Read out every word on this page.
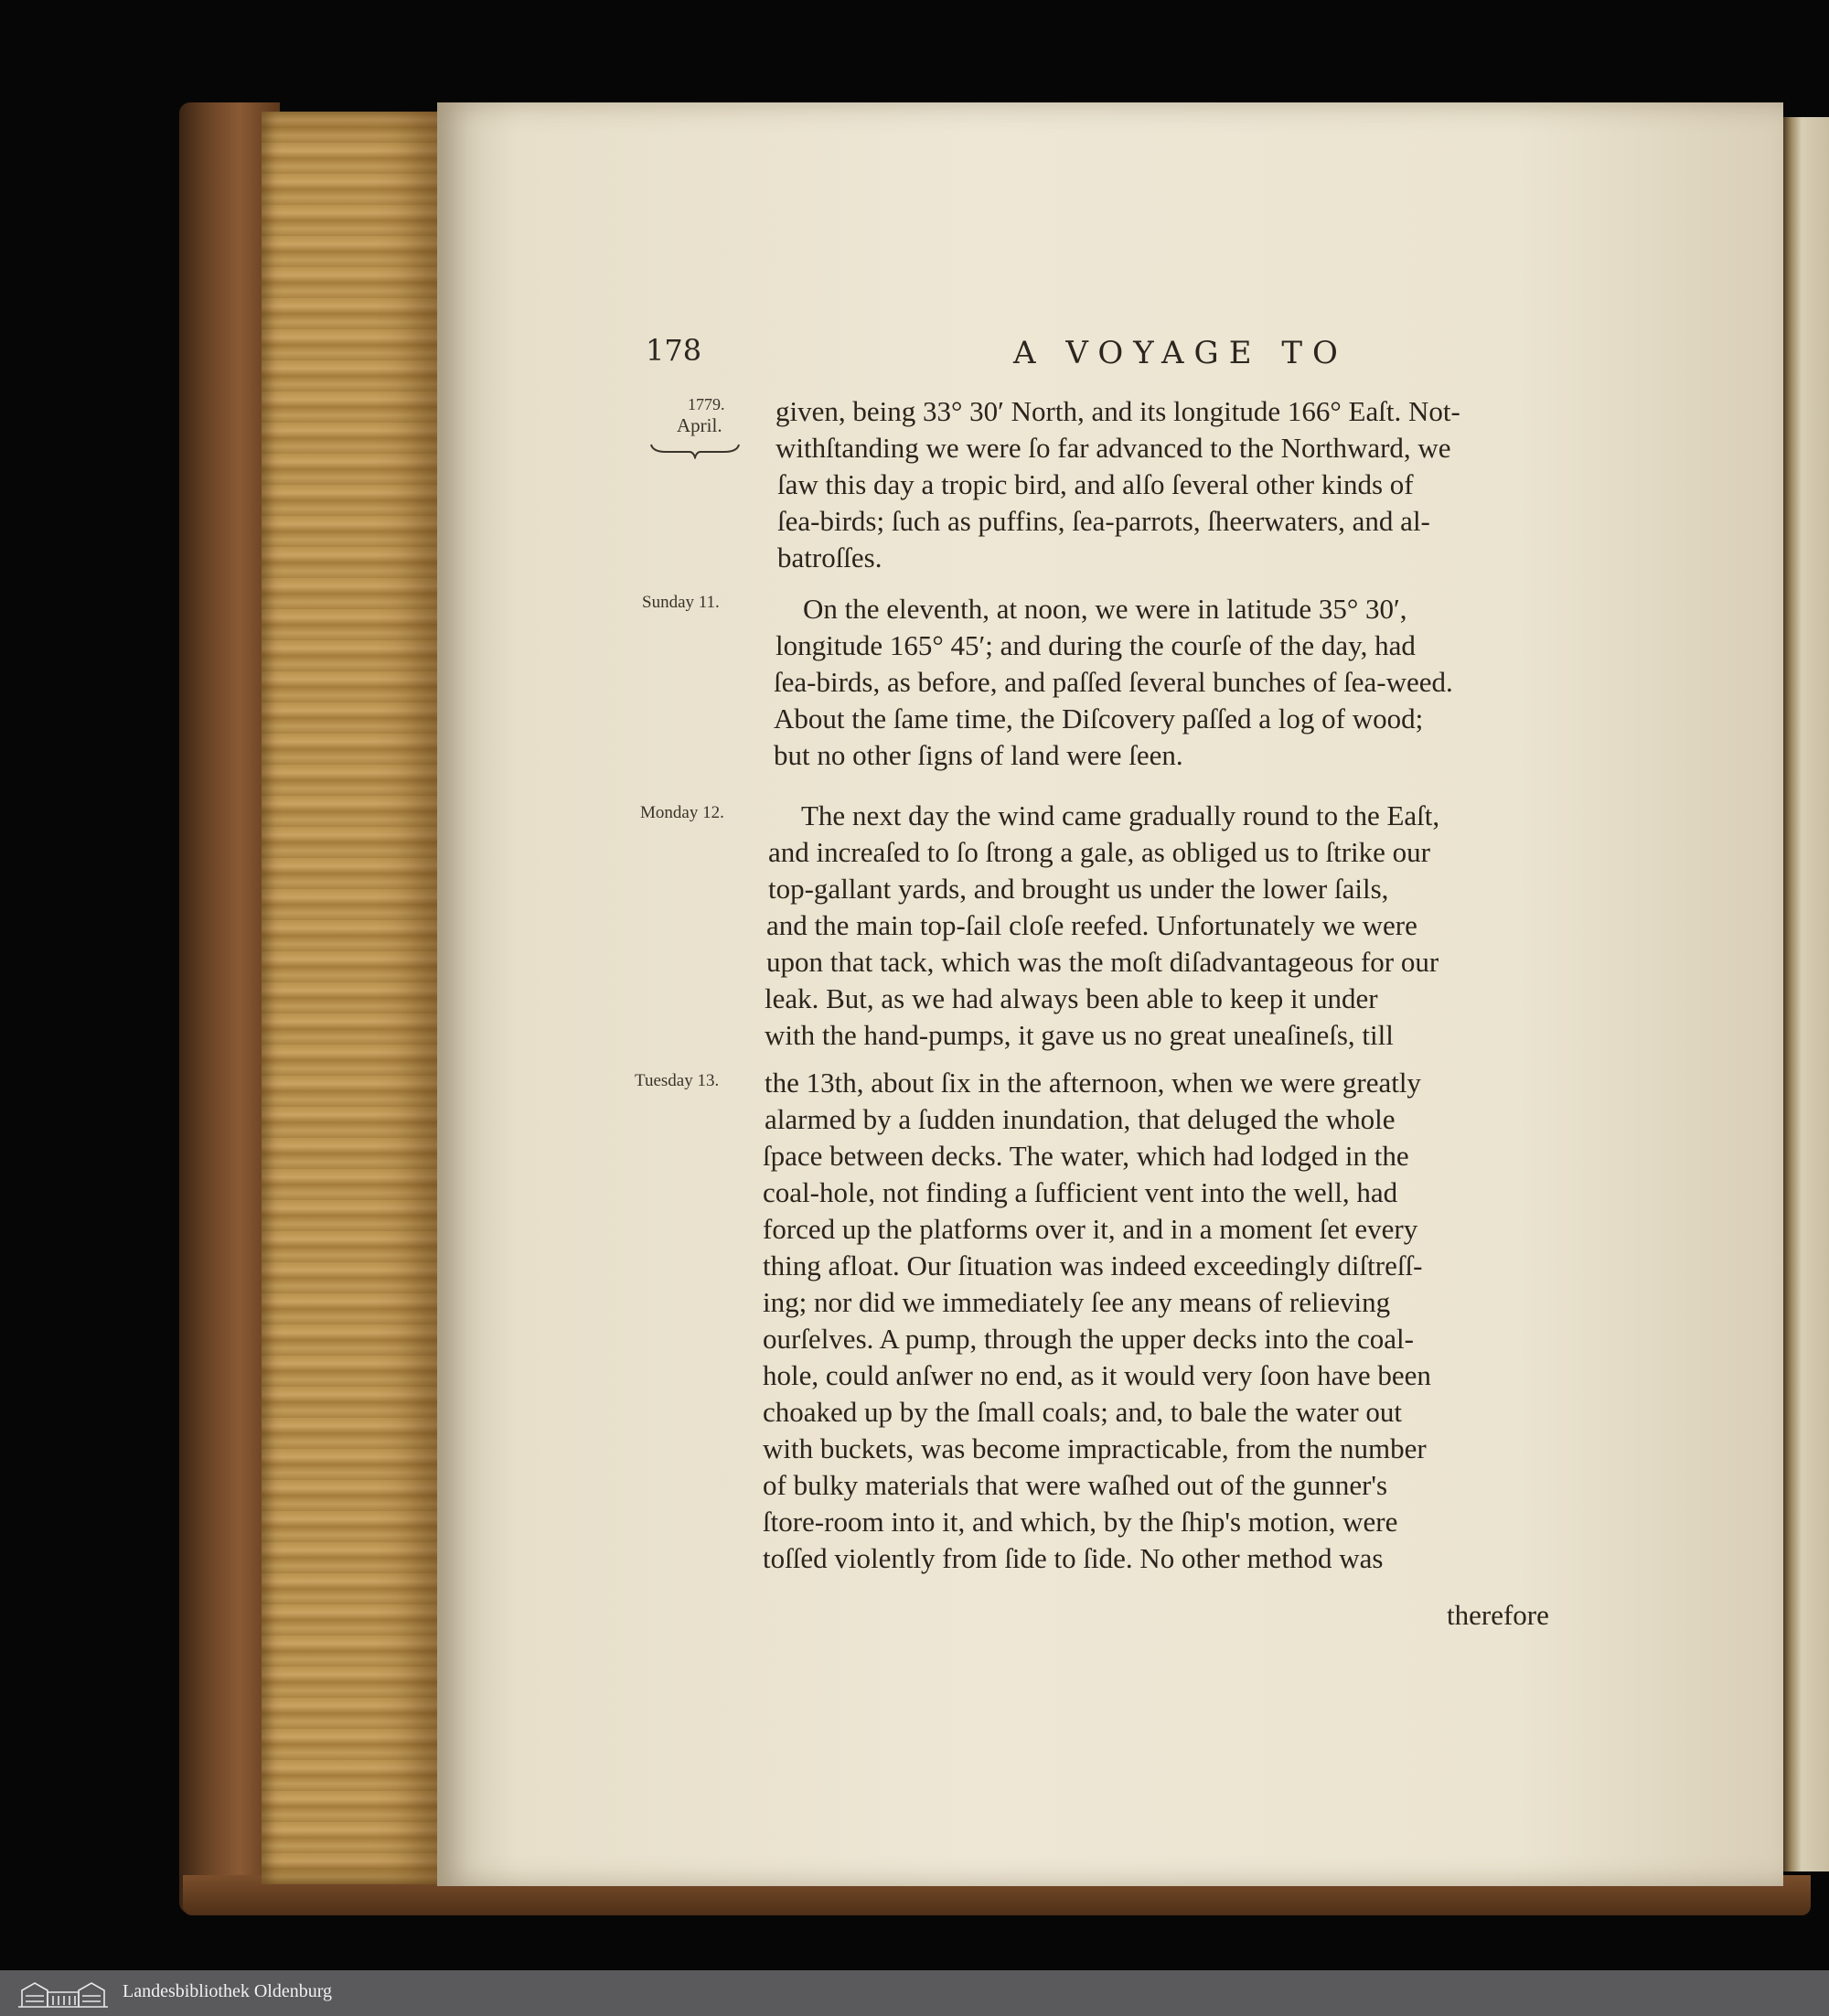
178	A VOYAGE TO
1779.
April.
Sunday 11.
Monday 12.
Tuesday 13.
given, being 33° 30′ North, and its longitude 166° Eaſt. Not-
withſtanding we were ſo far advanced to the Northward, we
ſaw this day a tropic bird, and alſo ſeveral other kinds of
ſea-birds; ſuch as puffins, ſea-parrots, ſheerwaters, and al-
batroſſes.
On the eleventh, at noon, we were in latitude 35° 30′,
longitude 165° 45′; and during the courſe of the day, had
ſea-birds, as before, and paſſed ſeveral bunches of ſea-weed.
About the ſame time, the Diſcovery paſſed a log of wood;
but no other ſigns of land were ſeen.
The next day the wind came gradually round to the Eaſt,
and increaſed to ſo ſtrong a gale, as obliged us to ſtrike our
top-gallant yards, and brought us under the lower ſails,
and the main top-ſail cloſe reefed. Unfortunately we were
upon that tack, which was the moſt diſadvantageous for our
leak. But, as we had always been able to keep it under
with the hand-pumps, it gave us no great uneaſineſs, till
the 13th, about ſix in the afternoon, when we were greatly
alarmed by a ſudden inundation, that deluged the whole
ſpace between decks. The water, which had lodged in the
coal-hole, not finding a ſufficient vent into the well, had
forced up the platforms over it, and in a moment ſet every
thing afloat. Our ſituation was indeed exceedingly diſtreſſ-
ing; nor did we immediately ſee any means of relieving
ourſelves. A pump, through the upper decks into the coal-
hole, could anſwer no end, as it would very ſoon have been
choaked up by the ſmall coals; and, to bale the water out
with buckets, was become impracticable, from the number
of bulky materials that were waſhed out of the gunner's
ſtore-room into it, and which, by the ſhip's motion, were
toſſed violently from ſide to ſide. No other method was
therefore
Landesbibliothek Oldenburg
